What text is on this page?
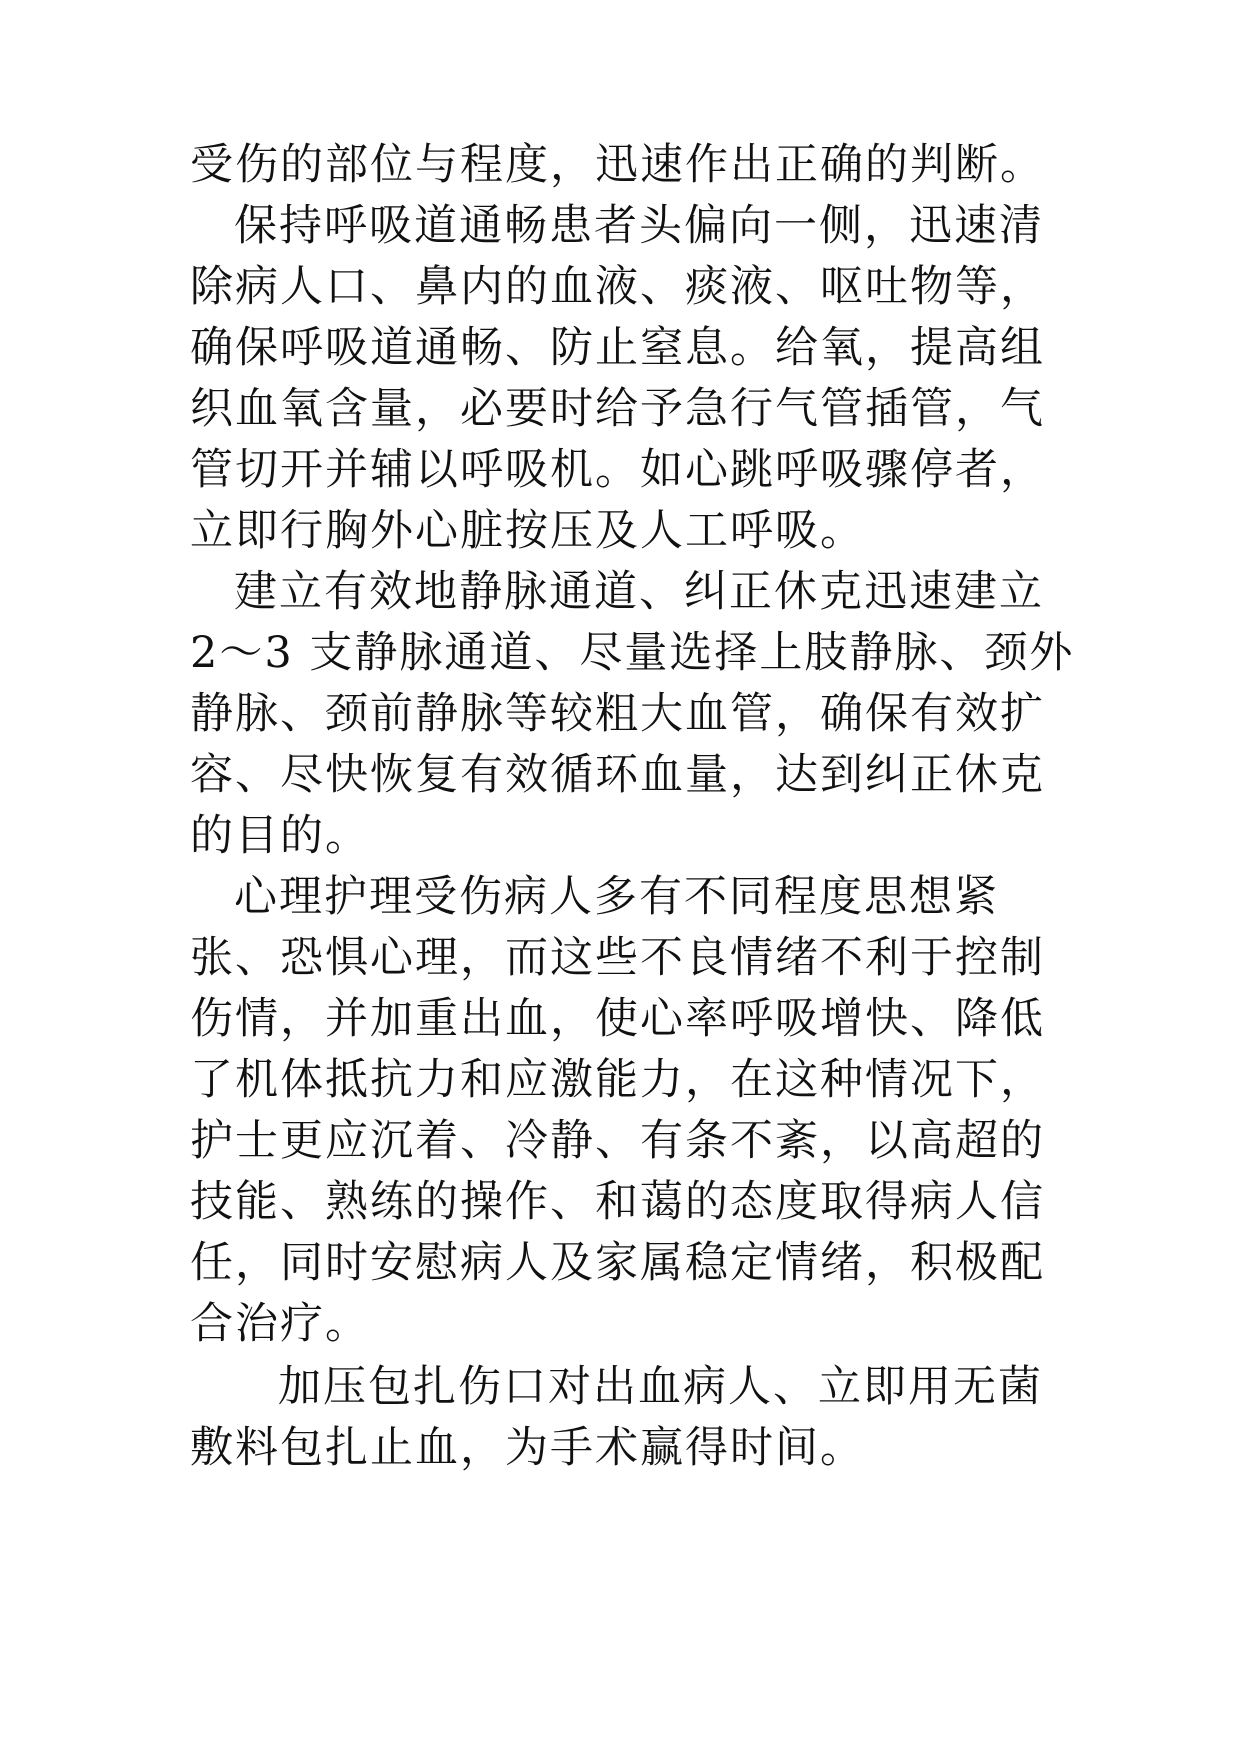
受伤的部位与程度，迅速作出正确的判断。
保持呼吸道通畅患者头偏向一侧，迅速清
除病人口、鼻内的血液、痰液、呕吐物等，
确保呼吸道通畅、防止窒息。给氧，提高组
织血氧含量，必要时给予急行气管插管，气
管切开并辅以呼吸机。如心跳呼吸骤停者，
立即行胸外心脏按压及人工呼吸。
建立有效地静脉通道、纠正休克迅速建立
2～3 支静脉通道、尽量选择上肢静脉、颈外
静脉、颈前静脉等较粗大血管，确保有效扩
容、尽快恢复有效循环血量，达到纠正休克
的目的。
心理护理受伤病人多有不同程度思想紧
张、恐惧心理，而这些不良情绪不利于控制
伤情，并加重出血，使心率呼吸增快、降低
了机体抵抗力和应激能力，在这种情况下，
护士更应沉着、冷静、有条不紊，以高超的
技能、熟练的操作、和蔼的态度取得病人信
任，同时安慰病人及家属稳定情绪，积极配
合治疗。
加压包扎伤口对出血病人、立即用无菌
敷料包扎止血，为手术赢得时间。
